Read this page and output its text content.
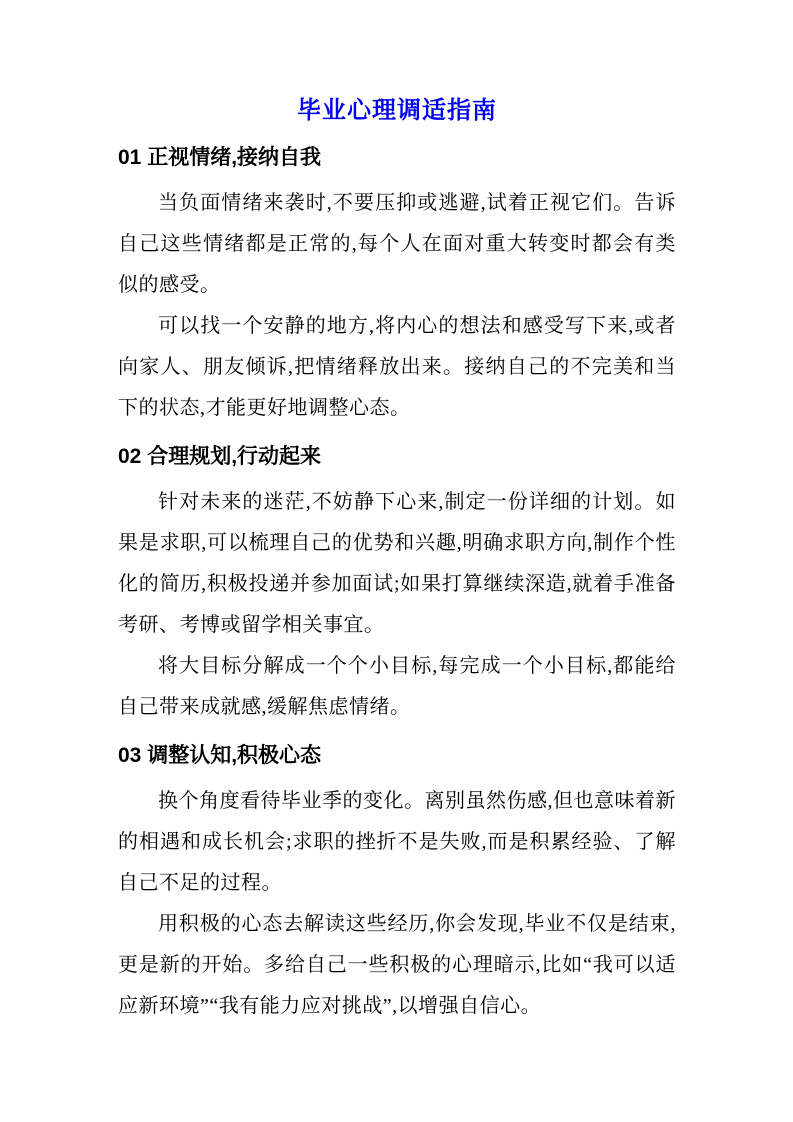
毕业心理调适指南
01 正视情绪,接纳自我

当负面情绪来袭时,不要压抑或逃避,试着正视它们。告诉自己这些情绪都是正常的,每个人在面对重大转变时都会有类似的感受。

可以找一个安静的地方,将内心的想法和感受写下来,或者向家人、朋友倾诉,把情绪释放出来。接纳自己的不完美和当下的状态,才能更好地调整心态。

02 合理规划,行动起来

针对未来的迷茫,不妨静下心来,制定一份详细的计划。如果是求职,可以梳理自己的优势和兴趣,明确求职方向,制作个性化的简历,积极投递并参加面试;如果打算继续深造,就着手准备考研、考博或留学相关事宜。

将大目标分解成一个个小目标,每完成一个小目标,都能给自己带来成就感,缓解焦虑情绪。

03 调整认知,积极心态

换个角度看待毕业季的变化。离别虽然伤感,但也意味着新的相遇和成长机会;求职的挫折不是失败,而是积累经验、了解自己不足的过程。

用积极的心态去解读这些经历,你会发现,毕业不仅是结束,更是新的开始。多给自己一些积极的心理暗示,比如“我可以适应新环境”“我有能力应对挑战”,以增强自信心。
